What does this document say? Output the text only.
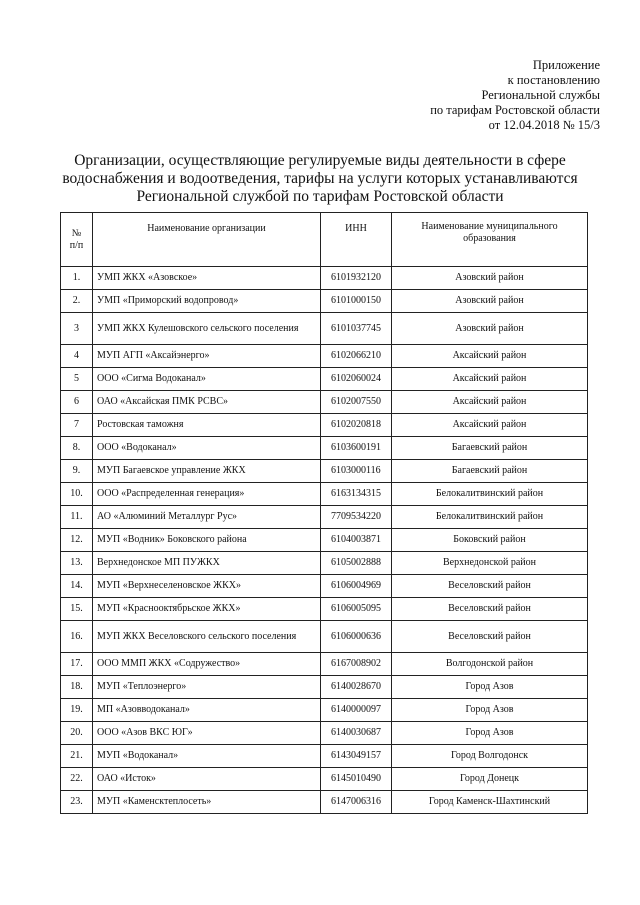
Приложение
к постановлению
Региональной службы
по тарифам Ростовской области
от 12.04.2018 № 15/3
Организации, осуществляющие регулируемые виды деятельности в сфере
водоснабжения и водоотведения, тарифы на услуги которых устанавливаются
Региональной службой по тарифам Ростовской области
№
п/п	Наименование организации	ИНН	Наименование муниципального образования
1.	УМП ЖКХ «Азовское»	6101932120	Азовский район
2.	УМП «Приморский водопровод»	6101000150	Азовский район
3	УМП ЖКХ Кулешовского сельского поселения	6101037745	Азовский район
4	МУП АГП «Аксайэнерго»	6102066210	Аксайский район
5	ООО «Сигма Водоканал»	6102060024	Аксайский район
6	ОАО «Аксайская ПМК РСВС»	6102007550	Аксайский район
7	Ростовская таможня	6102020818	Аксайский район
8.	ООО «Водоканал»	6103600191	Багаевский район
9.	МУП Багаевское управление ЖКХ	6103000116	Багаевский район
10.	ООО «Распределенная генерация»	6163134315	Белокалитвинский район
11.	АО «Алюминий Металлург Рус»	7709534220	Белокалитвинский район
12.	МУП «Водник» Боковского района	6104003871	Боковский район
13.	Верхнедонское МП ПУЖКХ	6105002888	Верхнедонской район
14.	МУП «Верхнеселеновское ЖКХ»	6106004969	Веселовский район
15.	МУП «Краснооктябрьское ЖКХ»	6106005095	Веселовский район
16.	МУП ЖКХ Веселовского сельского поселения	6106000636	Веселовский район
17.	ООО ММП ЖКХ «Содружество»	6167008902	Волгодонской район
18.	МУП «Теплоэнерго»	6140028670	Город Азов
19.	МП «Азовводоканал»	6140000097	Город Азов
20.	ООО «Азов ВКС ЮГ»	6140030687	Город Азов
21.	МУП «Водоканал»	6143049157	Город Волгодонск
22.	ОАО «Исток»	6145010490	Город Донецк
23.	МУП «Каменсктеплосеть»	6147006316	Город Каменск-Шахтинский
